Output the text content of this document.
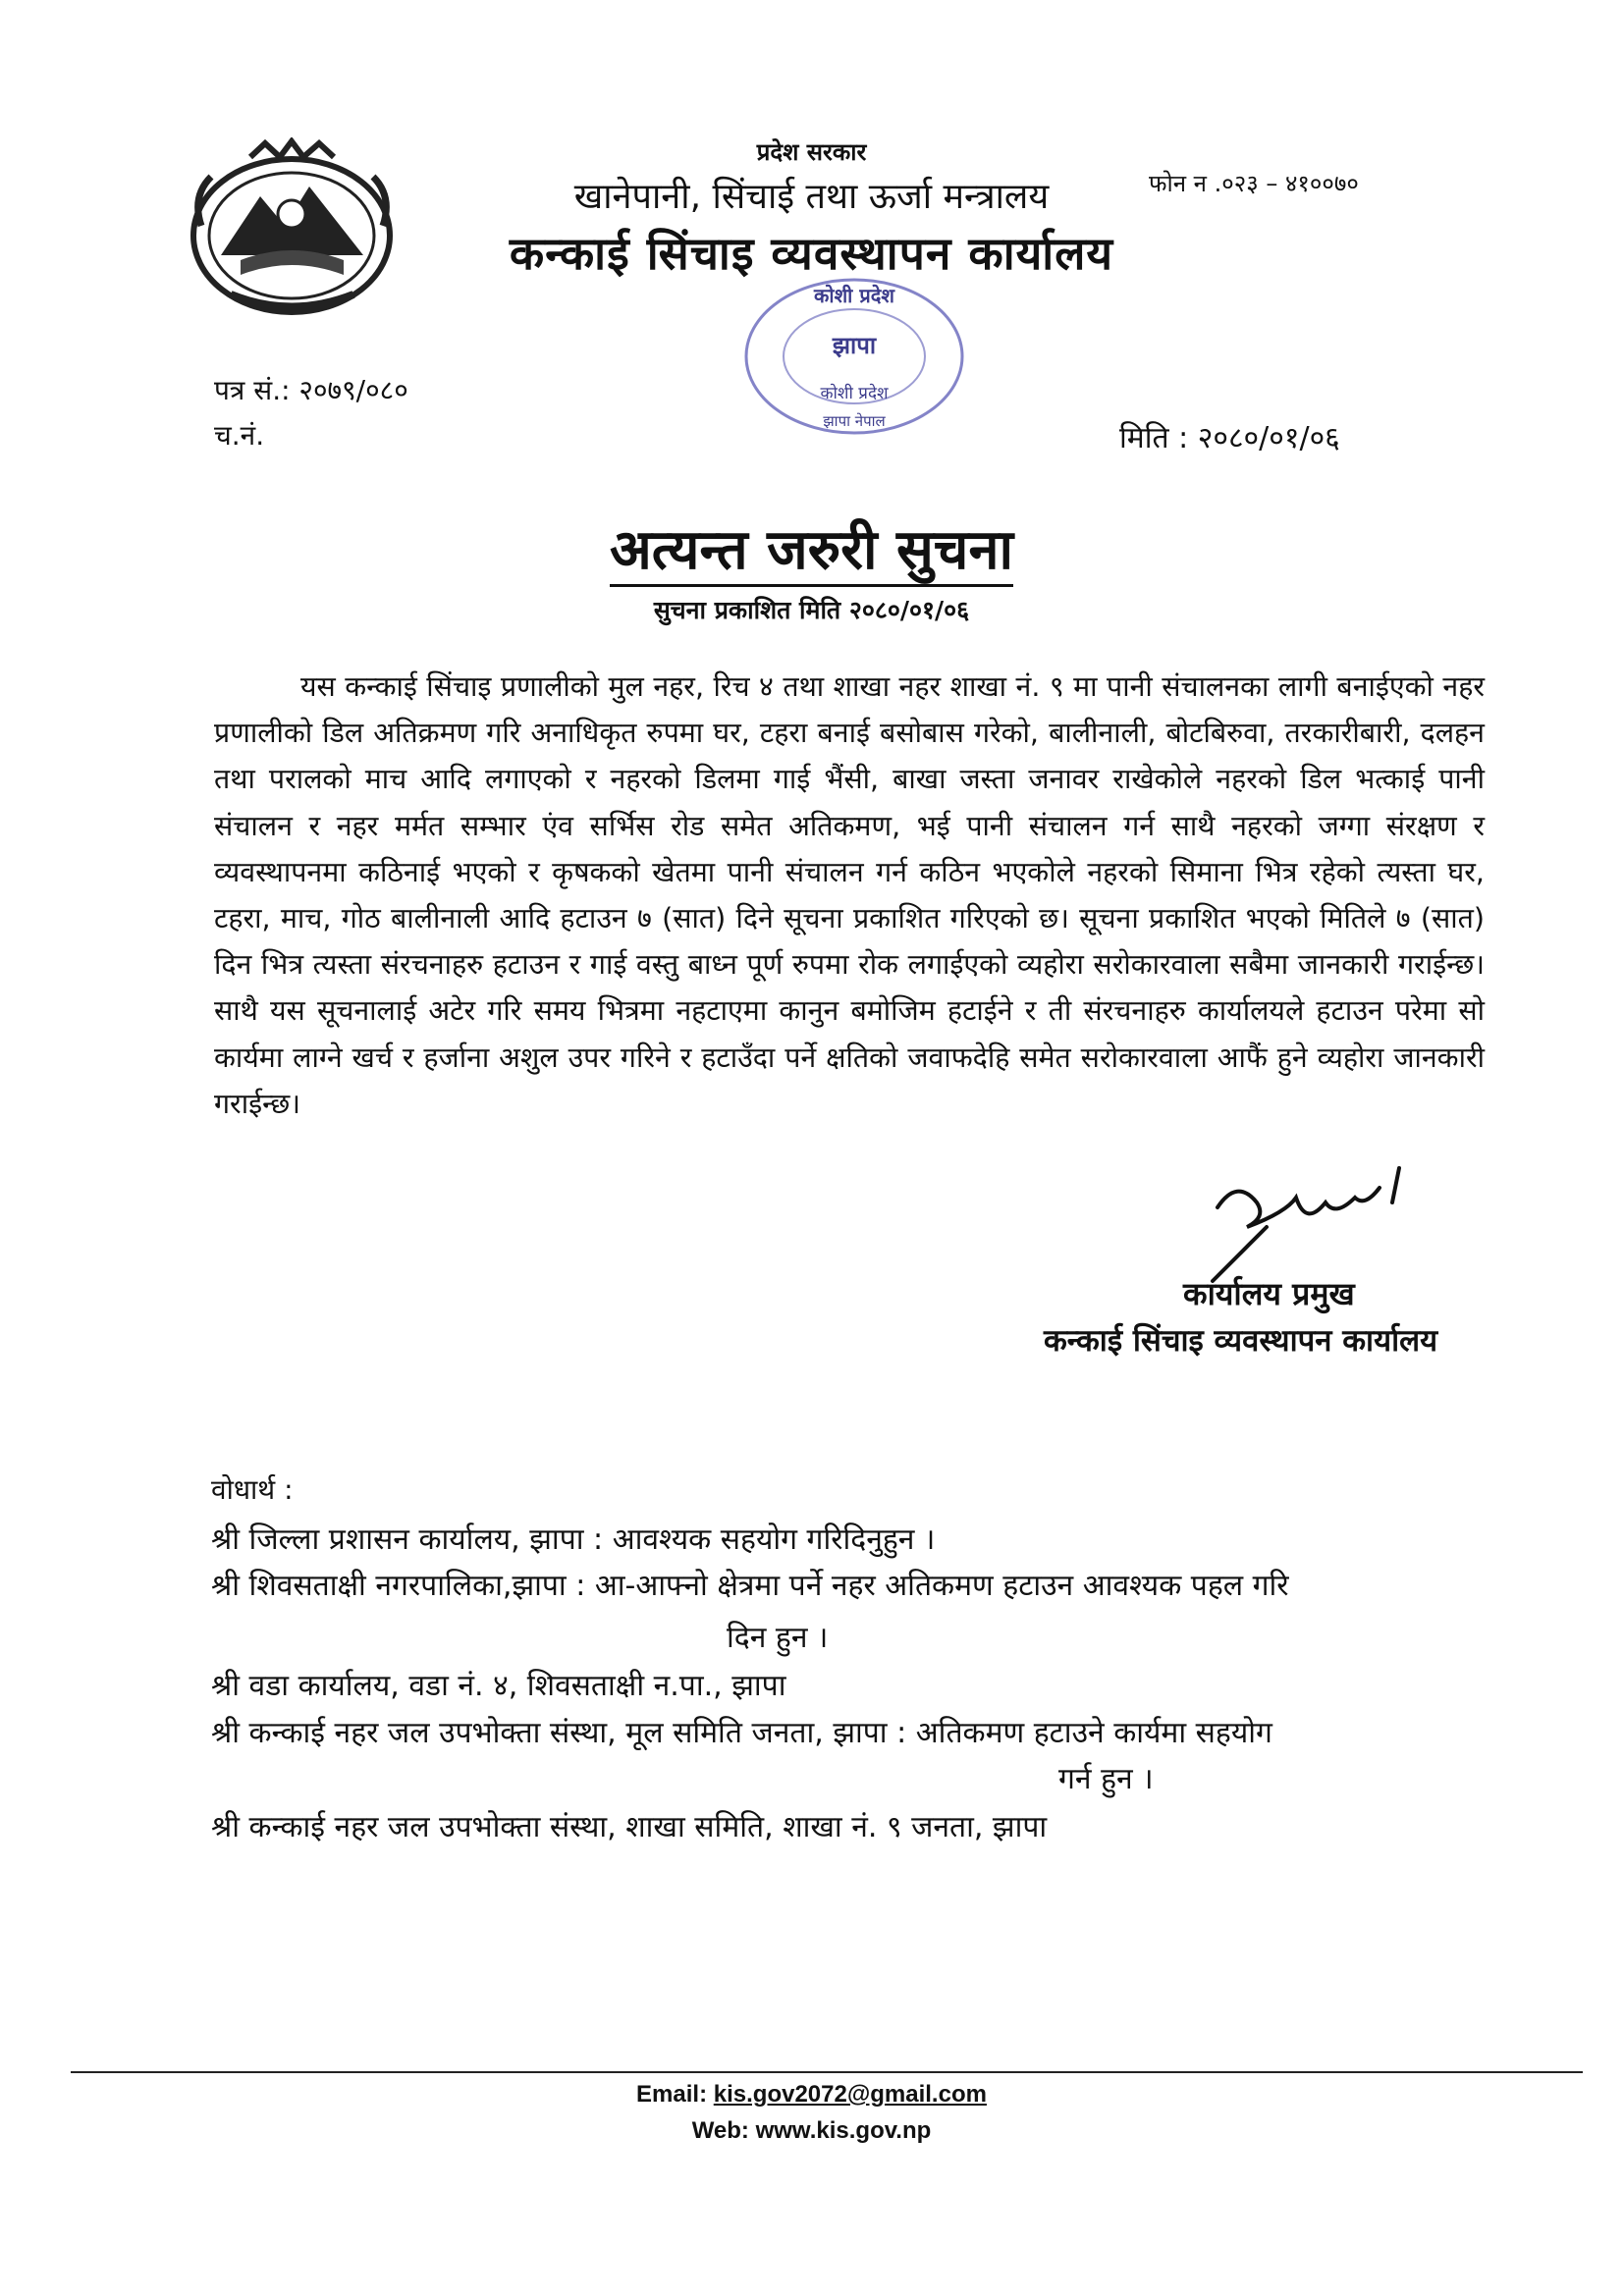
प्रदेश सरकार
खानेपानी, सिंचाई तथा ऊर्जा मन्त्रालय
कन्काई सिंचाइ व्यवस्थापन कार्यालय
फोन न .०२३ – ४१००७०
कोशी प्रदेश
झापा
कोशी प्रदेश
झापा नेपाल
पत्र सं.: २०७९/०८०
च.नं.	मिति : २०८०/०१/०६
अत्यन्त जरुरी सुचना
सुचना प्रकाशित मिति २०८०/०१/०६

यस कन्काई सिंचाइ प्रणालीको मुल नहर, रिच ४ तथा शाखा नहर शाखा नं. ९ मा पानी संचालनका लागी बनाईएको नहर प्रणालीको डिल अतिक्रमण गरि अनाधिकृत रुपमा घर, टहरा बनाई बसोबास गरेको, बालीनाली, बोटबिरुवा, तरकारीबारी, दलहन तथा परालको माच आदि लगाएको र नहरको डिलमा गाई भैंसी, बाखा जस्ता जनावर राखेकोले नहरको डिल भत्काई पानी संचालन र नहर मर्मत सम्भार एंव सर्भिस रोड समेत अतिकमण, भई पानी संचालन गर्न साथै नहरको जग्गा संरक्षण र व्यवस्थापनमा कठिनाई भएको र कृषकको खेतमा पानी संचालन गर्न कठिन भएकोले नहरको सिमाना भित्र रहेको त्यस्ता घर, टहरा, माच, गोठ बालीनाली आदि हटाउन ७ (सात) दिने सूचना प्रकाशित गरिएको छ। सूचना प्रकाशित भएको मितिले ७ (सात) दिन भित्र त्यस्ता संरचनाहरु हटाउन र गाई वस्तु बाध्न पूर्ण रुपमा रोक लगाईएको व्यहोरा सरोकारवाला सबैमा जानकारी गराईन्छ। साथै यस सूचनालाई अटेर गरि समय भित्रमा नहटाएमा कानुन बमोजिम हटाईने र ती संरचनाहरु कार्यालयले हटाउन परेमा सो कार्यमा लाग्ने खर्च र हर्जाना अशुल उपर गरिने र हटाउँदा पर्ने क्षतिको जवाफदेहि समेत सरोकारवाला आफैं हुने व्यहोरा जानकारी गराईन्छ।

कार्यालय प्रमुख
कन्काई सिंचाइ व्यवस्थापन कार्यालय
वोधार्थ :
श्री जिल्ला प्रशासन कार्यालय, झापा : आवश्यक सहयोग गरिदिनुहुन ।
श्री शिवसताक्षी नगरपालिका,झापा : आ-आफ्नो क्षेत्रमा पर्ने नहर अतिकमण हटाउन आवश्यक पहल गरि
दिन हुन ।
श्री वडा कार्यालय, वडा नं. ४, शिवसताक्षी न.पा., झापा
श्री कन्काई नहर जल उपभोक्ता संस्था, मूल समिति जनता, झापा : अतिकमण हटाउने कार्यमा सहयोग
गर्न हुन ।
श्री कन्काई नहर जल उपभोक्ता संस्था, शाखा समिति, शाखा नं. ९ जनता, झापा
Email: kis.gov2072@gmail.com
Web: www.kis.gov.np
